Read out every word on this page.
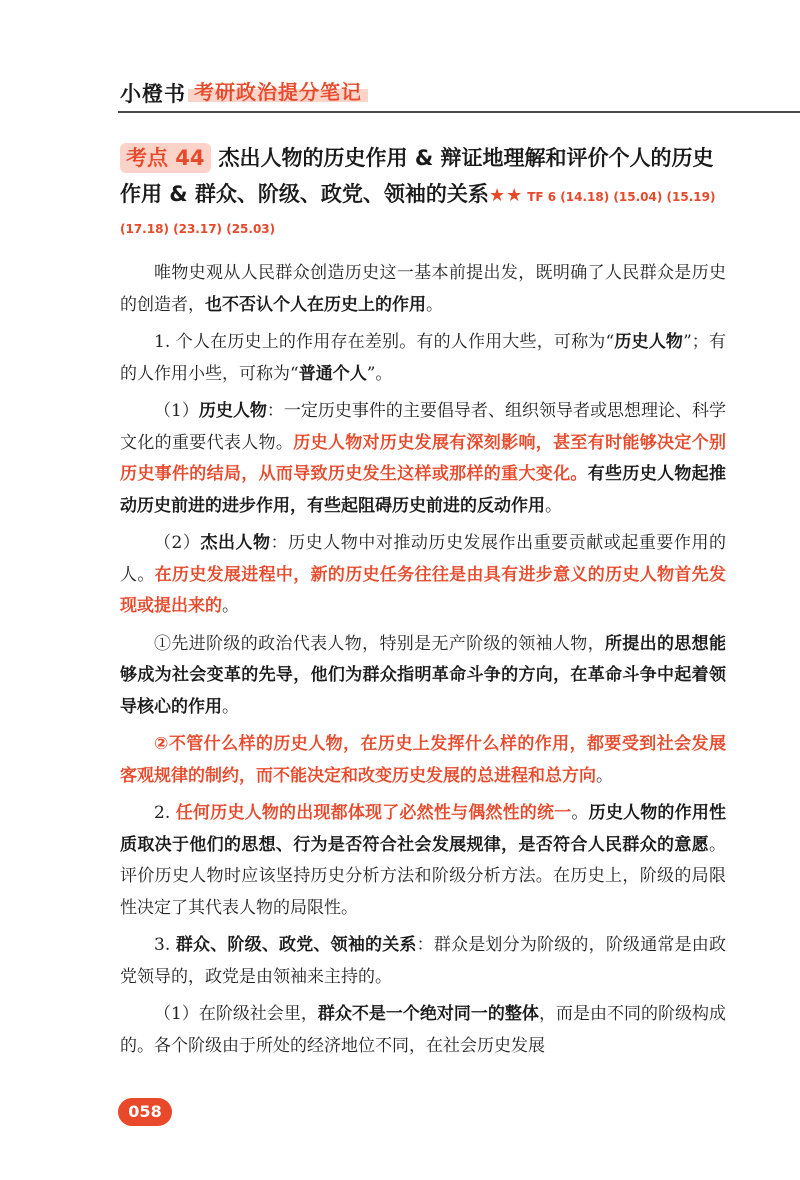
小橙书 考研政治提分笔记
考点 44 杰出人物的历史作用 & 辩证地理解和评价个人的历史
作用 & 群众、阶级、政党、领袖的关系★★ TF 6 (14.18) (15.04) (15.19)
(17.18) (23.17) (25.03)

唯物史观从人民群众创造历史这一基本前提出发，既明确了人民群众是历史的创造者，也不否认个人在历史上的作用。

1. 个人在历史上的作用存在差别。有的人作用大些，可称为“历史人物”；有的人作用小些，可称为“普通个人”。

（1）历史人物：一定历史事件的主要倡导者、组织领导者或思想理论、科学文化的重要代表人物。历史人物对历史发展有深刻影响，甚至有时能够决定个别历史事件的结局，从而导致历史发生这样或那样的重大变化。有些历史人物起推动历史前进的进步作用，有些起阻碍历史前进的反动作用。

（2）杰出人物：历史人物中对推动历史发展作出重要贡献或起重要作用的人。在历史发展进程中，新的历史任务往往是由具有进步意义的历史人物首先发现或提出来的。

①先进阶级的政治代表人物，特别是无产阶级的领袖人物，所提出的思想能够成为社会变革的先导，他们为群众指明革命斗争的方向，在革命斗争中起着领导核心的作用。

②不管什么样的历史人物，在历史上发挥什么样的作用，都要受到社会发展客观规律的制约，而不能决定和改变历史发展的总进程和总方向。

2. 任何历史人物的出现都体现了必然性与偶然性的统一。历史人物的作用性质取决于他们的思想、行为是否符合社会发展规律，是否符合人民群众的意愿。评价历史人物时应该坚持历史分析方法和阶级分析方法。在历史上，阶级的局限性决定了其代表人物的局限性。

3. 群众、阶级、政党、领袖的关系：群众是划分为阶级的，阶级通常是由政党领导的，政党是由领袖来主持的。

（1）在阶级社会里，群众不是一个绝对同一的整体，而是由不同的阶级构成的。各个阶级由于所处的经济地位不同，在社会历史发展

058
